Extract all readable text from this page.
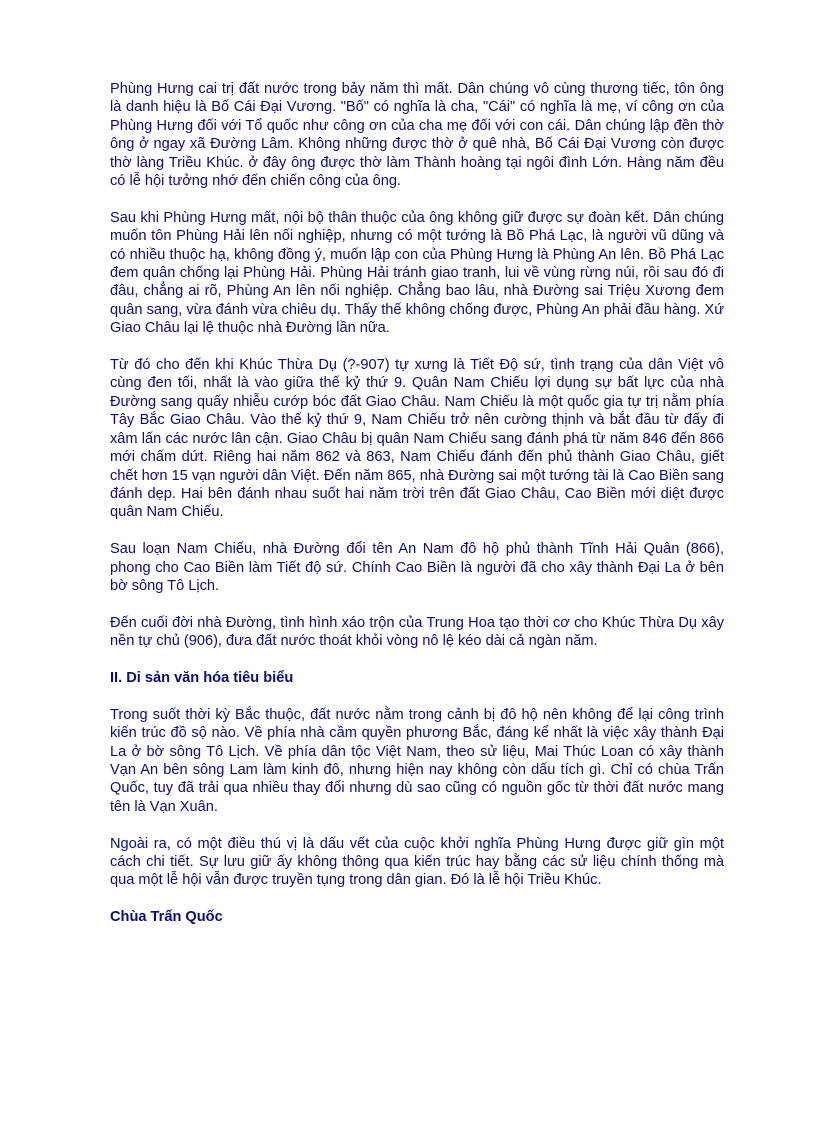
Phùng Hưng cai trị đất nước trong bảy năm thì mất. Dân chúng vô cùng thương tiếc, tôn ông là danh hiệu là Bố Cái Đại Vương. "Bố" có nghĩa là cha, "Cái" có nghĩa là mẹ, ví công ơn của Phùng Hưng đối với Tổ quốc như công ơn của cha mẹ đối với con cái. Dân chúng lập đền thờ ông ở ngay xã Đường Lâm. Không những được thờ ở quê nhà, Bố Cái Đại Vương còn được thờ làng Triều Khúc. ở đây ông được thờ làm Thành hoàng tại ngôi đình Lớn. Hàng năm đều có lễ hội tưởng nhớ đến chiến công của ông.

Sau khi Phùng Hưng mất, nội bộ thân thuộc của ông không giữ được sự đoàn kết. Dân chúng muốn tôn Phùng Hải lên nối nghiệp, nhưng có một tướng là Bồ Phá Lạc, là người vũ dũng và có nhiều thuộc hạ, không đồng ý, muốn lập con của Phùng Hưng là Phùng An lên. Bồ Phá Lạc đem quân chống lại Phùng Hải. Phùng Hải tránh giao tranh, lui về vùng rừng núi, rồi sau đó đi đâu, chẳng ai rõ, Phùng An lên nối nghiệp. Chẳng bao lâu, nhà Đường sai Triệu Xương đem quân sang, vừa đánh vừa chiêu dụ. Thấy thế không chống được, Phùng An phải đầu hàng. Xứ Giao Châu lại lệ thuộc nhà Đường lần nữa.

Từ đó cho đến khi Khúc Thừa Dụ (?-907) tự xưng là Tiết Độ sứ, tình trạng của dân Việt vô cùng đen tối, nhất là vào giữa thế kỷ thứ 9. Quân Nam Chiếu lợi dụng sự bất lực của nhà Đường sang quấy nhiễu cướp bóc đất Giao Châu. Nam Chiếu là một quốc gia tự trị nằm phía Tây Bắc Giao Châu. Vào thế kỷ thứ 9, Nam Chiếu trở nên cường thịnh và bắt đầu từ đấy đi xâm lấn các nước lân cận. Giao Châu bị quân Nam Chiếu sang đánh phá từ năm 846 đến 866 mới chấm dứt. Riêng hai năm 862 và 863, Nam Chiếu đánh đến phủ thành Giao Châu, giết chết hơn 15 vạn người dân Việt. Đến năm 865, nhà Đường sai một tướng tài là Cao Biền sang đánh dẹp. Hai bên đánh nhau suốt hai năm trời trên đất Giao Châu, Cao Biền mới diệt được quân Nam Chiếu.

Sau loạn Nam Chiếu, nhà Đường đổi tên An Nam đô hộ phủ thành Tĩnh Hải Quân (866), phong cho Cao Biền làm Tiết độ sứ. Chính Cao Biền là người đã cho xây thành Đại La ở bên bờ sông Tô Lịch.

Đến cuối đời nhà Đường, tình hình xáo trộn của Trung Hoa tạo thời cơ cho Khúc Thừa Dụ xây nền tự chủ (906), đưa đất nước thoát khỏi vòng nô lệ kéo dài cả ngàn năm.

II. Di sản văn hóa tiêu biểu

Trong suốt thời kỳ Bắc thuộc, đất nước nằm trong cảnh bị đô hộ nên không để lại công trình kiến trúc đồ sộ nào. Về phía nhà cầm quyền phương Bắc, đáng kể nhất là việc xây thành Đại La ở bờ sông Tô Lịch. Về phía dân tộc Việt Nam, theo sử liệu, Mai Thúc Loan có xây thành Vạn An bên sông Lam làm kinh đô, nhưng hiện nay không còn dấu tích gì. Chỉ có chùa Trấn Quốc, tuy đã trải qua nhiều thay đổi nhưng dù sao cũng có nguồn gốc từ thời đất nước mang tên là Vạn Xuân.

Ngoài ra, có một điều thú vị là dấu vết của cuộc khởi nghĩa Phùng Hưng được giữ gìn một cách chi tiết. Sự lưu giữ ấy không thông qua kiến trúc hay bằng các sử liệu chính thống mà qua một lễ hội vẫn được truyền tụng trong dân gian. Đó là lễ hội Triều Khúc.

Chùa Trấn Quốc
